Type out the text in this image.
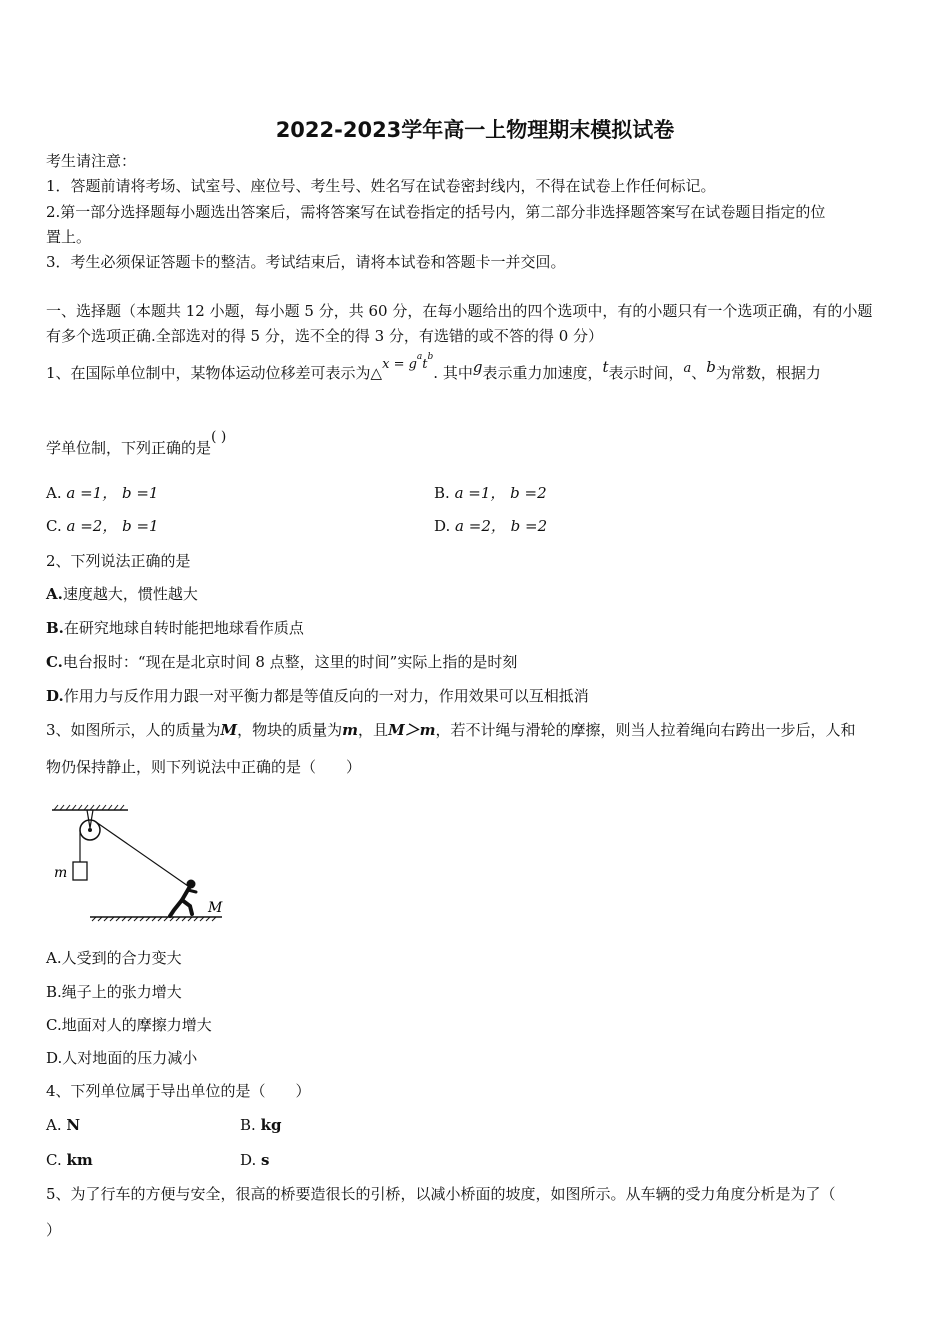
2022-2023学年高一上物理期末模拟试卷
考生请注意：
1．答题前请将考场、试室号、座位号、考生号、姓名写在试卷密封线内，不得在试卷上作任何标记。
2.第一部分选择题每小题选出答案后，需将答案写在试卷指定的括号内，第二部分非选择题答案写在试卷题目指定的位
置上。
3．考生必须保证答题卡的整洁。考试结束后，请将本试卷和答题卡一并交回。
一、选择题（本题共 12 小题，每小题 5 分，共 60 分，在每小题给出的四个选项中，有的小题只有一个选项正确，有的小题
有多个选项正确.全部选对的得 5 分，选不全的得 3 分，有选错的或不答的得 0 分）
1、在国际单位制中，某物体运动位移差可表示为△x = $g^at^b$. 其中g表示重力加速度，t表示时间，a、b为常数，根据力
学单位制，下列正确的是( )
A. a =1， b =1	B. a =1， b =2
C. a =2， b =1	D. a =2， b =2
2、下列说法正确的是
A.速度越大，惯性越大
B.在研究地球自转时能把地球看作质点
C.电台报时：“现在是北京时间 8 点整，这里的时间”实际上指的是时刻
D.作用力与反作用力跟一对平衡力都是等值反向的一对力，作用效果可以互相抵消
3、如图所示，人的质量为M，物块的质量为m，且M＞m，若不计绳与滑轮的摩擦，则当人拉着绳向右跨出一步后，人和
物仍保持静止，则下列说法中正确的是（　　）
m
M
A.人受到的合力变大
B.绳子上的张力增大
C.地面对人的摩擦力增大
D.人对地面的压力减小
4、下列单位属于导出单位的是（　　）
A. N	B. kg
C. km	D. s
5、为了行车的方便与安全，很高的桥要造很长的引桥，以减小桥面的坡度，如图所示。从车辆的受力角度分析是为了（
）
